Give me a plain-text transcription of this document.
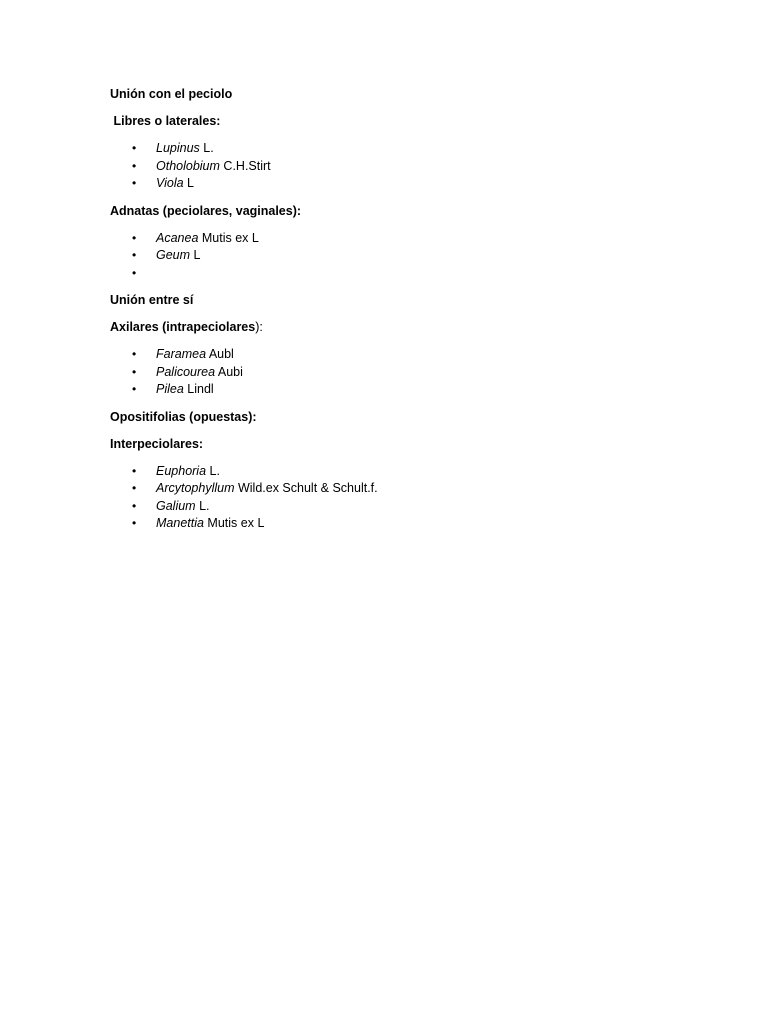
Unión con el peciolo

Libres o laterales:

•	Lupinus L.
•	Otholobium C.H.Stirt
•	Viola L

Adnatas (peciolares, vaginales):

•	Acanea Mutis ex L
•	Geum L
•

Unión entre sí

Axilares (intrapeciolares):

•	Faramea Aubl
•	Palicourea Aubi
•	Pilea Lindl

Opositifolias (opuestas):

Interpeciolares:

•	Euphoria L.
•	Arcytophyllum Wild.ex Schult & Schult.f.
•	Galium L.
•	Manettia Mutis ex L
